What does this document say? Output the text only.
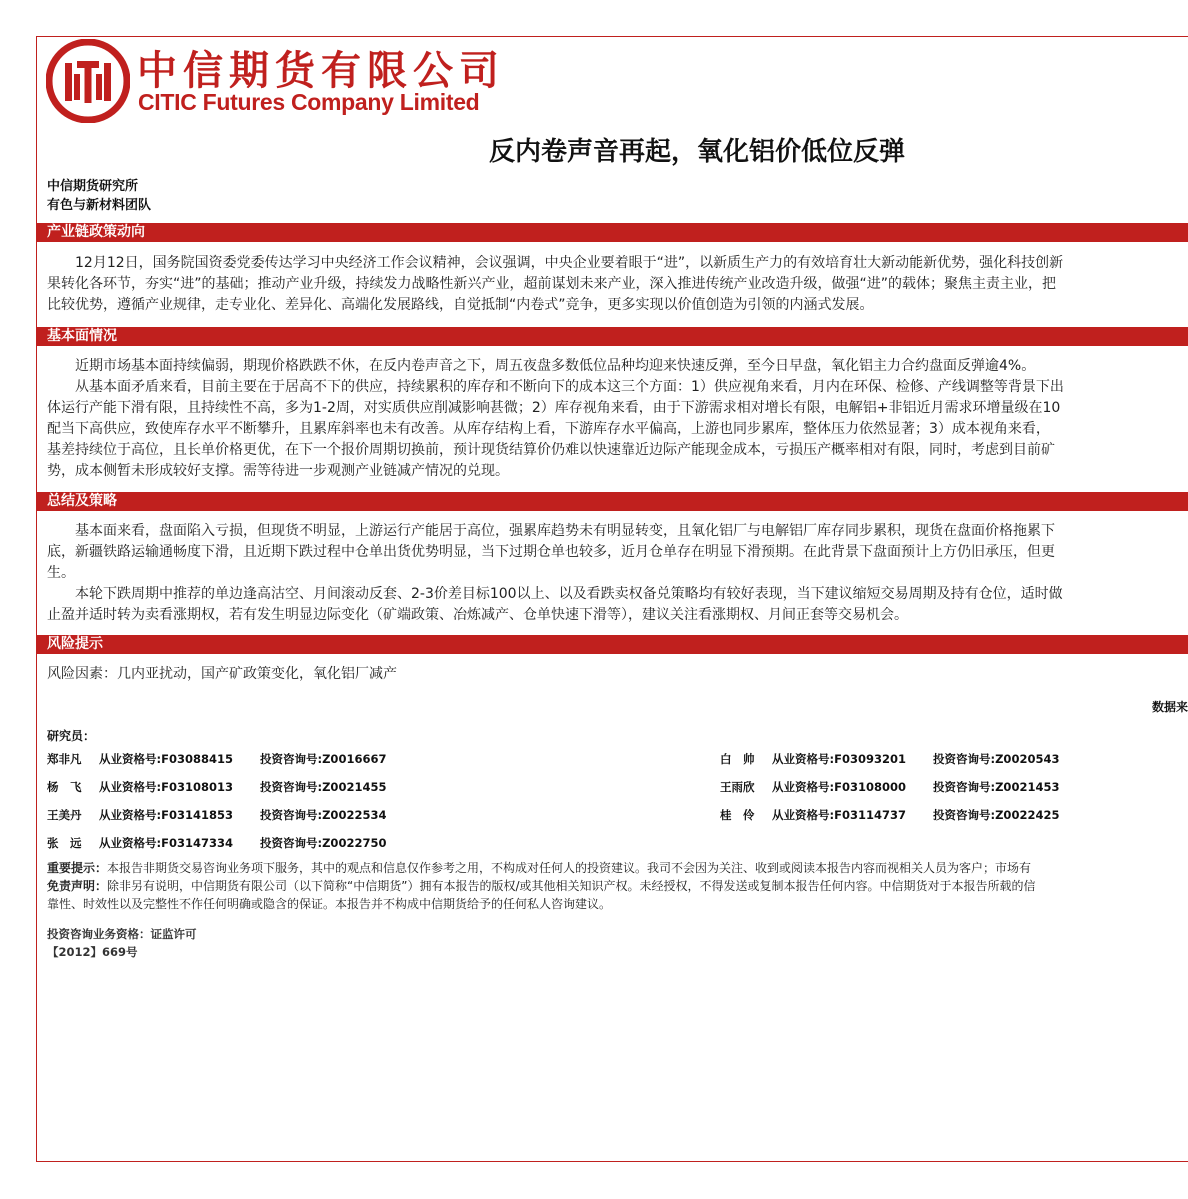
中信期货有限公司
CITIC Futures Company Limited
反内卷声音再起，氧化铝价低位反弹
中信期货研究所
有色与新材料团队
产业链政策动向

12月12日，国务院国资委党委传达学习中央经济工作会议精神，会议强调，中央企业要着眼于“进”，以新质生产力的有效培育壮大新动能新优势，强化科技创新

果转化各环节，夯实“进”的基础；推动产业升级，持续发力战略性新兴产业，超前谋划未来产业，深入推进传统产业改造升级，做强“进”的载体；聚焦主责主业，把

比较优势，遵循产业规律，走专业化、差异化、高端化发展路线，自觉抵制“内卷式”竞争，更多实现以价值创造为引领的内涵式发展。

基本面情况

近期市场基本面持续偏弱，期现价格跌跌不休，在反内卷声音之下，周五夜盘多数低位品种均迎来快速反弹，至今日早盘，氧化铝主力合约盘面反弹逾4%。

从基本面矛盾来看，目前主要在于居高不下的供应，持续累积的库存和不断向下的成本这三个方面：1）供应视角来看，月内在环保、检修、产线调整等背景下出

体运行产能下滑有限，且持续性不高，多为1-2周，对实质供应削减影响甚微；2）库存视角来看，由于下游需求相对增长有限，电解铝+非铝近月需求环增量级在10

配当下高供应，致使库存水平不断攀升，且累库斜率也未有改善。从库存结构上看，下游库存水平偏高，上游也同步累库，整体压力依然显著；3）成本视角来看，

基差持续位于高位，且长单价格更优，在下一个报价周期切换前，预计现货结算价仍难以快速靠近边际产能现金成本，亏损压产概率相对有限，同时，考虑到目前矿

势，成本侧暂未形成较好支撑。需等待进一步观测产业链减产情况的兑现。

总结及策略

基本面来看，盘面陷入亏损，但现货不明显，上游运行产能居于高位，强累库趋势未有明显转变，且氧化铝厂与电解铝厂库存同步累积，现货在盘面价格拖累下

底，新疆铁路运输通畅度下滑，且近期下跌过程中仓单出货优势明显，当下过期仓单也较多，近月仓单存在明显下滑预期。在此背景下盘面预计上方仍旧承压，但更

生。

本轮下跌周期中推荐的单边逢高沽空、月间滚动反套、2-3价差目标100以上、以及看跌卖权备兑策略均有较好表现，当下建议缩短交易周期及持有仓位，适时做

止盈并适时转为卖看涨期权，若有发生明显边际变化（矿端政策、冶炼减产、仓单快速下滑等），建议关注看涨期权、月间正套等交易机会。

风险提示

风险因素：几内亚扰动，国产矿政策变化，氧化铝厂减产

数据来
研究员：
郑非凡 从业资格号:F03088415 投资咨询号:Z0016667
杨　飞 从业资格号:F03108013 投资咨询号:Z0021455
王美丹 从业资格号:F03141853 投资咨询号:Z0022534
张　远 从业资格号:F03147334 投资咨询号:Z0022750
白　帅 从业资格号:F03093201 投资咨询号:Z0020543
王雨欣 从业资格号:F03108000 投资咨询号:Z0021453
桂　伶 从业资格号:F03114737 投资咨询号:Z0022425
重要提示：本报告非期货交易咨询业务项下服务，其中的观点和信息仅作参考之用，不构成对任何人的投资建议。我司不会因为关注、收到或阅读本报告内容而视相关人员为客户；市场有
免责声明：除非另有说明，中信期货有限公司（以下简称“中信期货”）拥有本报告的版权/或其他相关知识产权。未经授权，不得发送或复制本报告任何内容。中信期货对于本报告所载的信
靠性、时效性以及完整性不作任何明确或隐含的保证。本报告并不构成中信期货给予的任何私人咨询建议。
投资咨询业务资格：证监许可
【2012】669号
